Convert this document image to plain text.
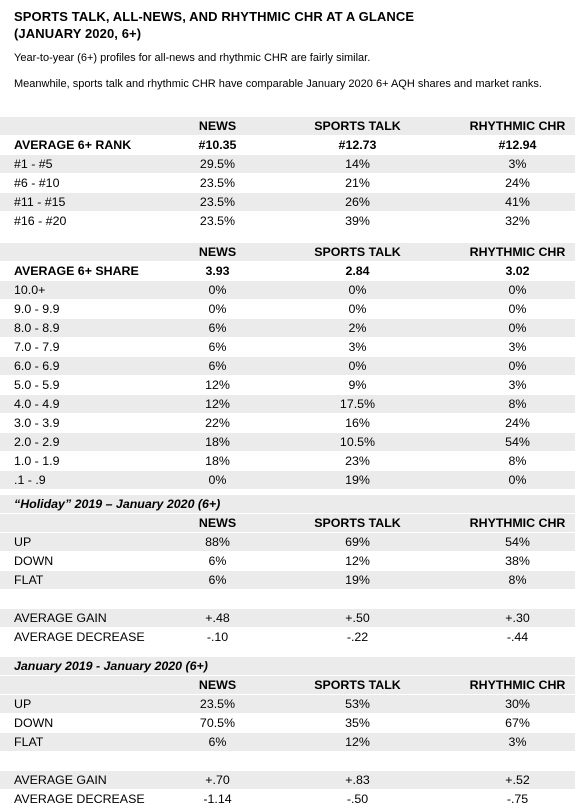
SPORTS TALK, ALL-NEWS, AND RHYTHMIC CHR AT A GLANCE
(JANUARY 2020, 6+)
Year-to-year (6+) profiles for all-news and rhythmic CHR are fairly similar.
Meanwhile, sports talk and rhythmic CHR have comparable January 2020 6+ AQH shares and market ranks.
	NEWS	SPORTS TALK	RHYTHMIC CHR
AVERAGE 6+ RANK	#10.35	#12.73	#12.94
#1 - #5	29.5%	14%	3%
#6 - #10	23.5%	21%	24%
#11 - #15	23.5%	26%	41%
#16 - #20	23.5%	39%	32%
	NEWS	SPORTS TALK	RHYTHMIC CHR
AVERAGE 6+ SHARE	3.93	2.84	3.02
10.0+	0%	0%	0%
9.0 - 9.9	0%	0%	0%
8.0 - 8.9	6%	2%	0%
7.0 - 7.9	6%	3%	3%
6.0 - 6.9	6%	0%	0%
5.0 - 5.9	12%	9%	3%
4.0 - 4.9	12%	17.5%	8%
3.0 - 3.9	22%	16%	24%
2.0 - 2.9	18%	10.5%	54%
1.0 - 1.9	18%	23%	8%
.1 - .9	0%	19%	0%
“Holiday” 2019 – January 2020 (6+)			
	NEWS	SPORTS TALK	RHYTHMIC CHR
UP	88%	69%	54%
DOWN	6%	12%	38%
FLAT	6%	19%	8%

AVERAGE GAIN	+.48	+.50	+.30
AVERAGE DECREASE	-.10	-.22	-.44
January 2019 - January 2020 (6+)			
	NEWS	SPORTS TALK	RHYTHMIC CHR
UP	23.5%	53%	30%
DOWN	70.5%	35%	67%
FLAT	6%	12%	3%

AVERAGE GAIN	+.70	+.83	+.52
AVERAGE DECREASE	-1.14	-.50	-.75
